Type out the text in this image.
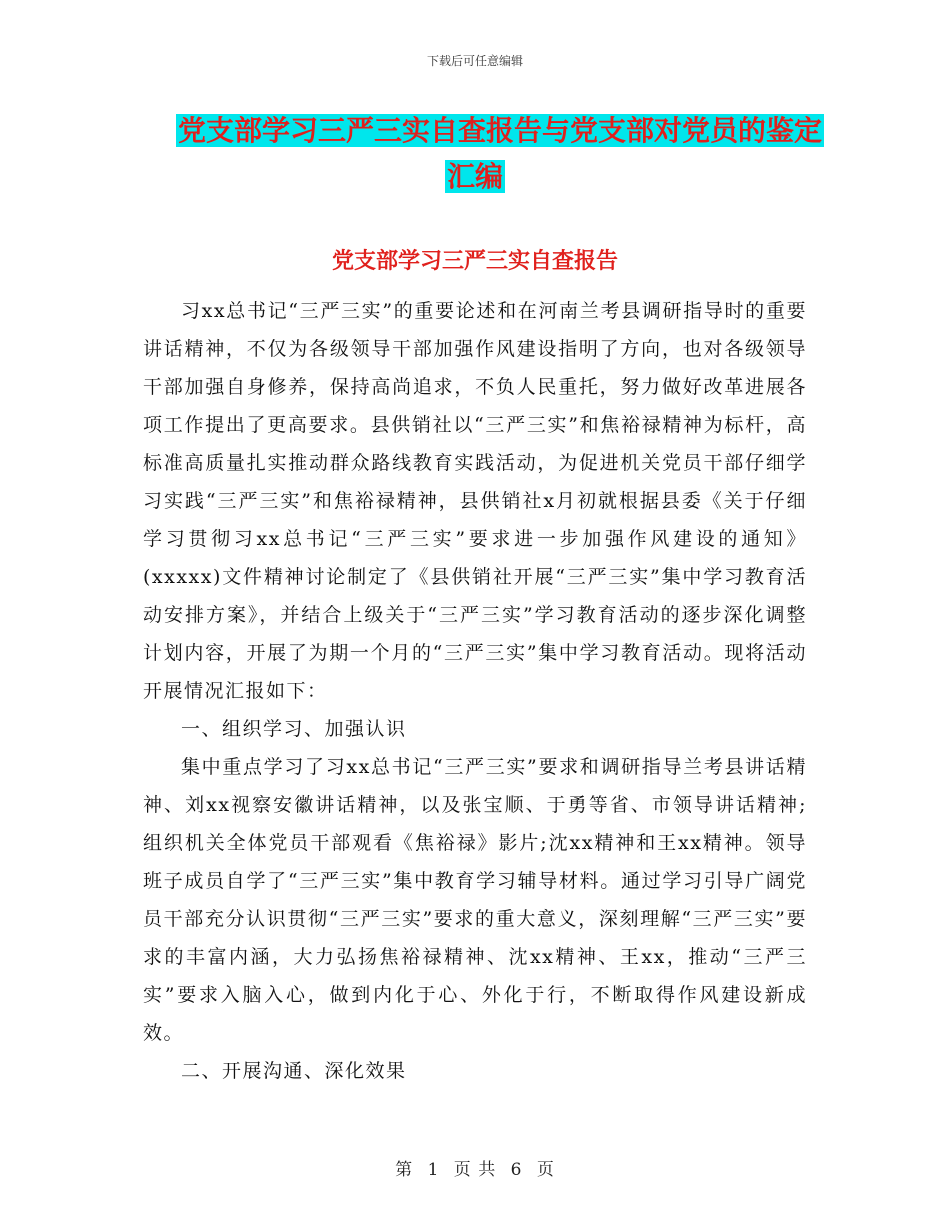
下载后可任意编辑
党支部学习三严三实自查报告与党支部对党员的鉴定
汇编
党支部学习三严三实自查报告

习xx总书记“三严三实”的重要论述和在河南兰考县调研指导时的重要讲话精神，不仅为各级领导干部加强作风建设指明了方向，也对各级领导干部加强自身修养，保持高尚追求，不负人民重托，努力做好改革进展各项工作提出了更高要求。县供销社以“三严三实”和焦裕禄精神为标杆，高标准高质量扎实推动群众路线教育实践活动，为促进机关党员干部仔细学习实践“三严三实”和焦裕禄精神，县供销社x月初就根据县委《关于仔细学习贯彻习xx总书记“三严三实”要求进一步加强作风建设的通知》(xxxxx)文件精神讨论制定了《县供销社开展“三严三实”集中学习教育活动安排方案》，并结合上级关于“三严三实”学习教育活动的逐步深化调整计划内容，开展了为期一个月的“三严三实”集中学习教育活动。现将活动开展情况汇报如下：

一、组织学习、加强认识

集中重点学习了习xx总书记“三严三实”要求和调研指导兰考县讲话精神、刘xx视察安徽讲话精神，以及张宝顺、于勇等省、市领导讲话精神;组织机关全体党员干部观看《焦裕禄》影片;沈xx精神和王xx精神。领导班子成员自学了“三严三实”集中教育学习辅导材料。通过学习引导广阔党员干部充分认识贯彻“三严三实”要求的重大意义，深刻理解“三严三实”要求的丰富内涵，大力弘扬焦裕禄精神、沈xx精神、王xx，推动“三严三实”要求入脑入心，做到内化于心、外化于行，不断取得作风建设新成效。

二、开展沟通、深化效果

第 1 页 共 6 页
